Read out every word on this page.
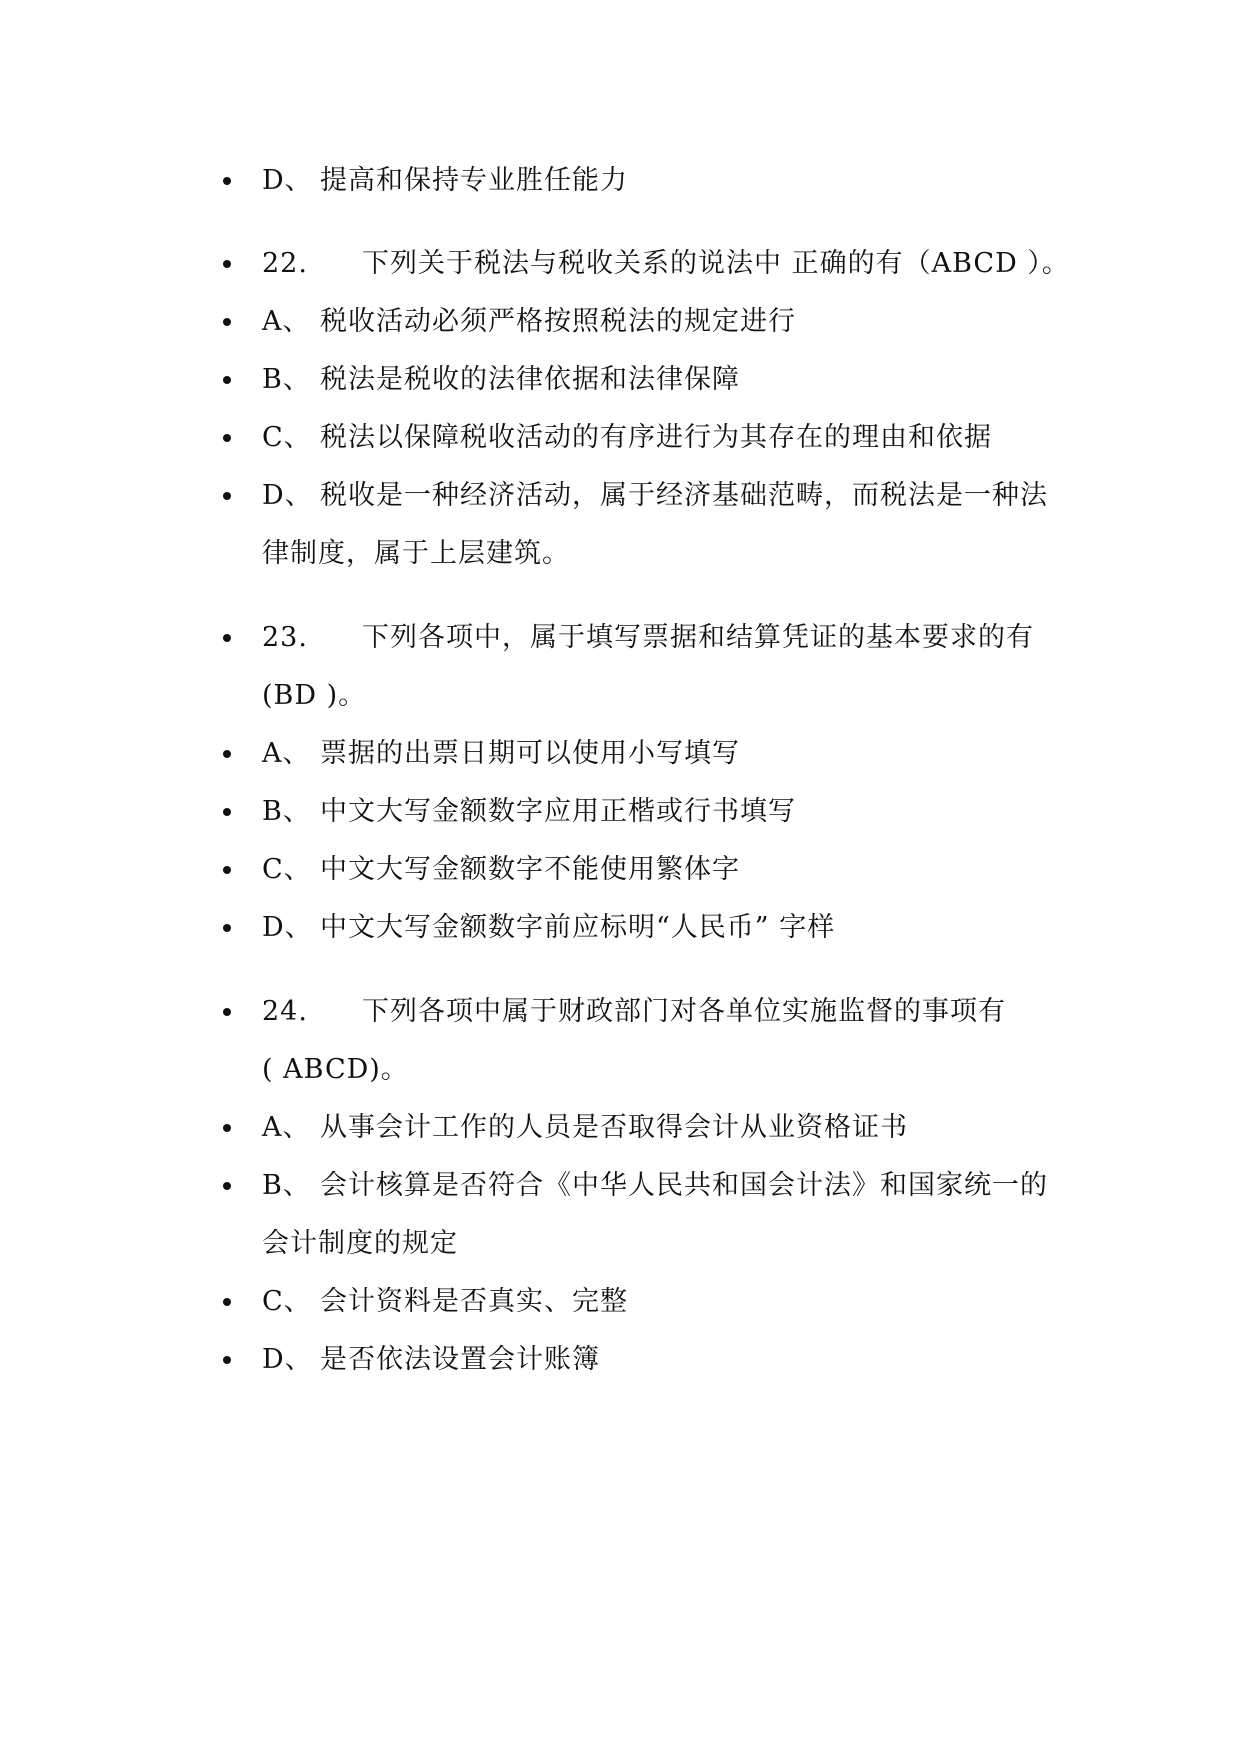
D、 提高和保持专业胜任能力
22. 下列关于税法与税收关系的说法中 正确的有（ABCD ）。
A、 税收活动必须严格按照税法的规定进行
B、 税法是税收的法律依据和法律保障
C、 税法以保障税收活动的有序进行为其存在的理由和依据
D、 税收是一种经济活动，属于经济基础范畴，而税法是一种法
律制度，属于上层建筑。
23. 下列各项中，属于填写票据和结算凭证的基本要求的有
(BD )。
A、 票据的出票日期可以使用小写填写
B、 中文大写金额数字应用正楷或行书填写
C、 中文大写金额数字不能使用繁体字
D、 中文大写金额数字前应标明“人民币” 字样
24. 下列各项中属于财政部门对各单位实施监督的事项有
( ABCD)。
A、 从事会计工作的人员是否取得会计从业资格证书
B、 会计核算是否符合《中华人民共和国会计法》和国家统一的
会计制度的规定
C、 会计资料是否真实、完整
D、 是否依法设置会计账簿
